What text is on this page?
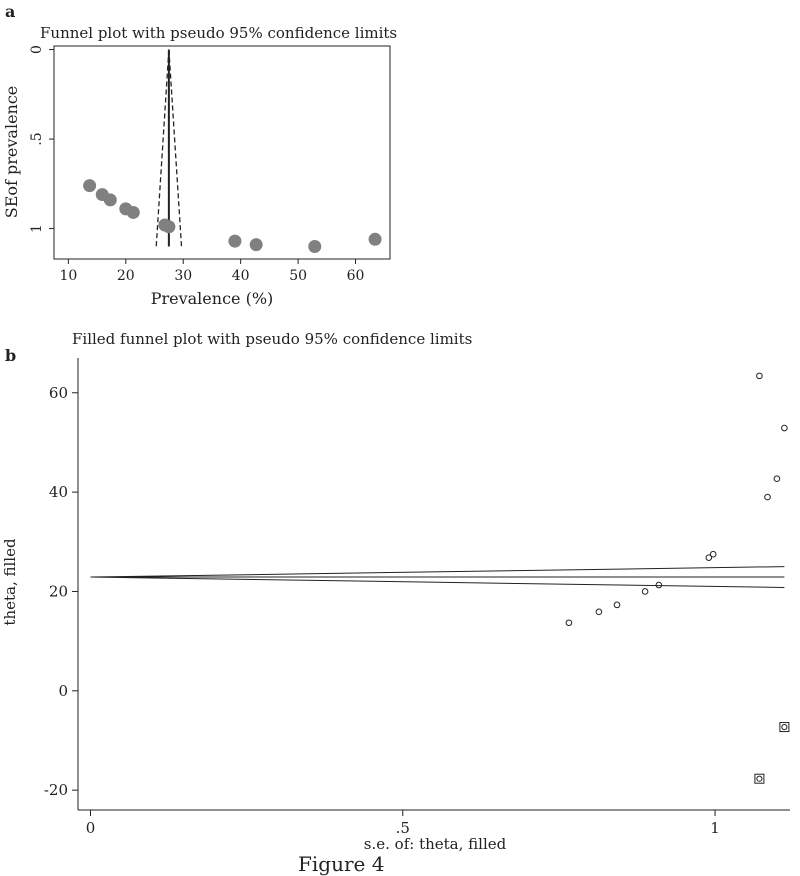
a
Funnel plot with pseudo 95% confidence limits
10	20	30	40	50	60
0
.5
1
Prevalence (%)
SEof prevalence
b
Filled funnel plot with pseudo 95% confidence limits
0	.5	1
-20
0
20
40
60
s.e. of: theta, filled
theta, filled
Figure 4
